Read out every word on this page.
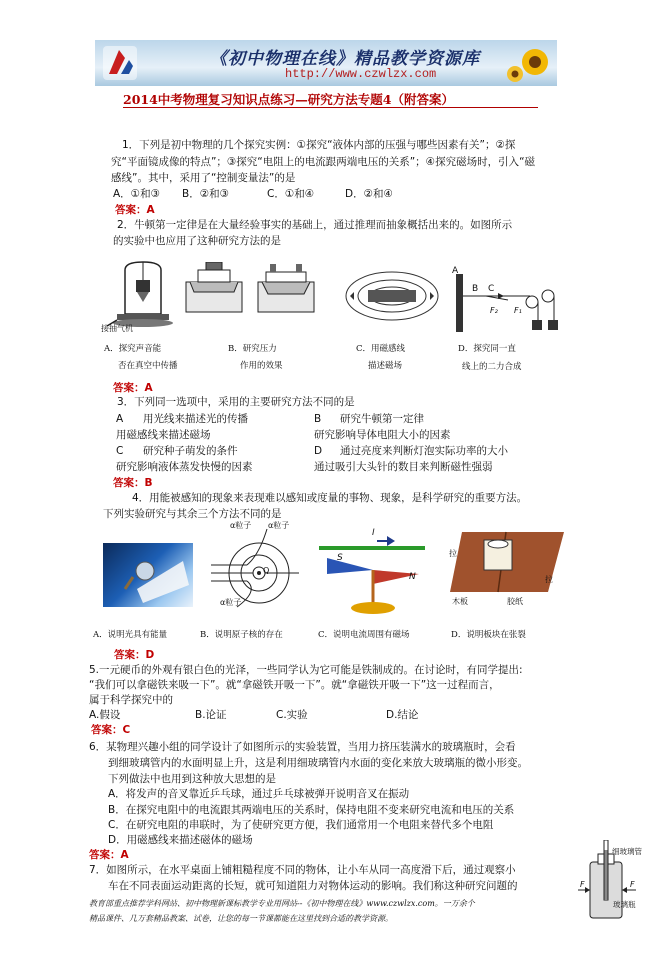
《初中物理在线》精品教学资源库
http://www.czwlzx.com
2014中考物理复习知识点练习—研究方法专题4（附答案）
1．下列是初中物理的几个探究实例：①探究“液体内部的压强与哪些因素有关”；②探
究“平面镜成像的特点”；③探究“电阻上的电流跟两端电压的关系”；④探究磁场时，引入“磁
感线”。其中，采用了“控制变量法”的是
A．①和③ B．②和③	C．①和④	D．②和④
答案：A
2．牛顿第一定律是在大量经验事实的基础上，通过推理而抽象概括出来的。如图所示
的实验中也应用了这种研究方法的是
接抽气机
A
B C
F₂ F₁
A．探究声音能
否在真空中传播
B．研究压力
作用的效果
C．用磁感线
描述磁场
D．探究同一直
线上的二力合成
答案：A
3．下列同一选项中，采用的主要研究方法不同的是
A 用光线来描述光的传播
用磁感线来描述磁场
B 研究牛顿第一定律
研究影响导体电阻大小的因素
C 研究种子萌发的条件
研究影响液体蒸发快慢的因素
D 通过亮度来判断灯泡实际功率的大小
通过吸引大头针的数目来判断磁性强弱
答案：B
4．用能被感知的现象来表现难以感知或度量的事物、现象，是科学研究的重要方法。
下列实验研究与其余三个方法不同的是
α粒子 α粒子
α粒子
Q
I
S
N
拉
拉
木板	胶纸
A．说明光具有能量	B．说明原子核的存在	C．说明电流周围有磁场	D．说明板块在张裂
答案：D
5.一元硬币的外观有银白色的光泽，一些同学认为它可能是铁制成的。在讨论时，有同学提出:
“我们可以拿磁铁来吸一下”。就“拿磁铁开吸一下”。就“拿磁铁开吸一下”这一过程而言，
属于科学探究中的
A.假设	B.论证	C.实验	D.结论
答案：C
6．某物理兴趣小组的同学设计了如图所示的实验装置，当用力挤压装满水的玻璃瓶时，会看
到细玻璃管内的水面明显上升，这是利用细玻璃管内水面的变化来放大玻璃瓶的微小形变。
下列做法中也用到这种放大思想的是
A．将发声的音叉靠近乒乓球，通过乒乓球被弹开说明音叉在振动
B．在探究电阻中的电流跟其两端电压的关系时，保持电阻不变来研究电流和电压的关系
C．在研究电阻的串联时，为了使研究更方便，我们通常用一个电阻来替代多个电阻
D．用磁感线来描述磁体的磁场
答案：A	细玻璃管
玻璃瓶
F	F
7．如图所示，在水平桌面上铺粗糙程度不同的物体，让小车从同一高度滑下后，通过观察小
车在不同表面运动距离的长短，就可知道阻力对物体运动的影响。我们称这种研究问题的
教育部重点推荐学科网站、初中物理新课标教学专业用网站--《初中物理在线》www.czwlzx.com。一万余个
精品课件、几万套精品教案、试卷，让您的每一节课都能在这里找到合适的教学资源。
